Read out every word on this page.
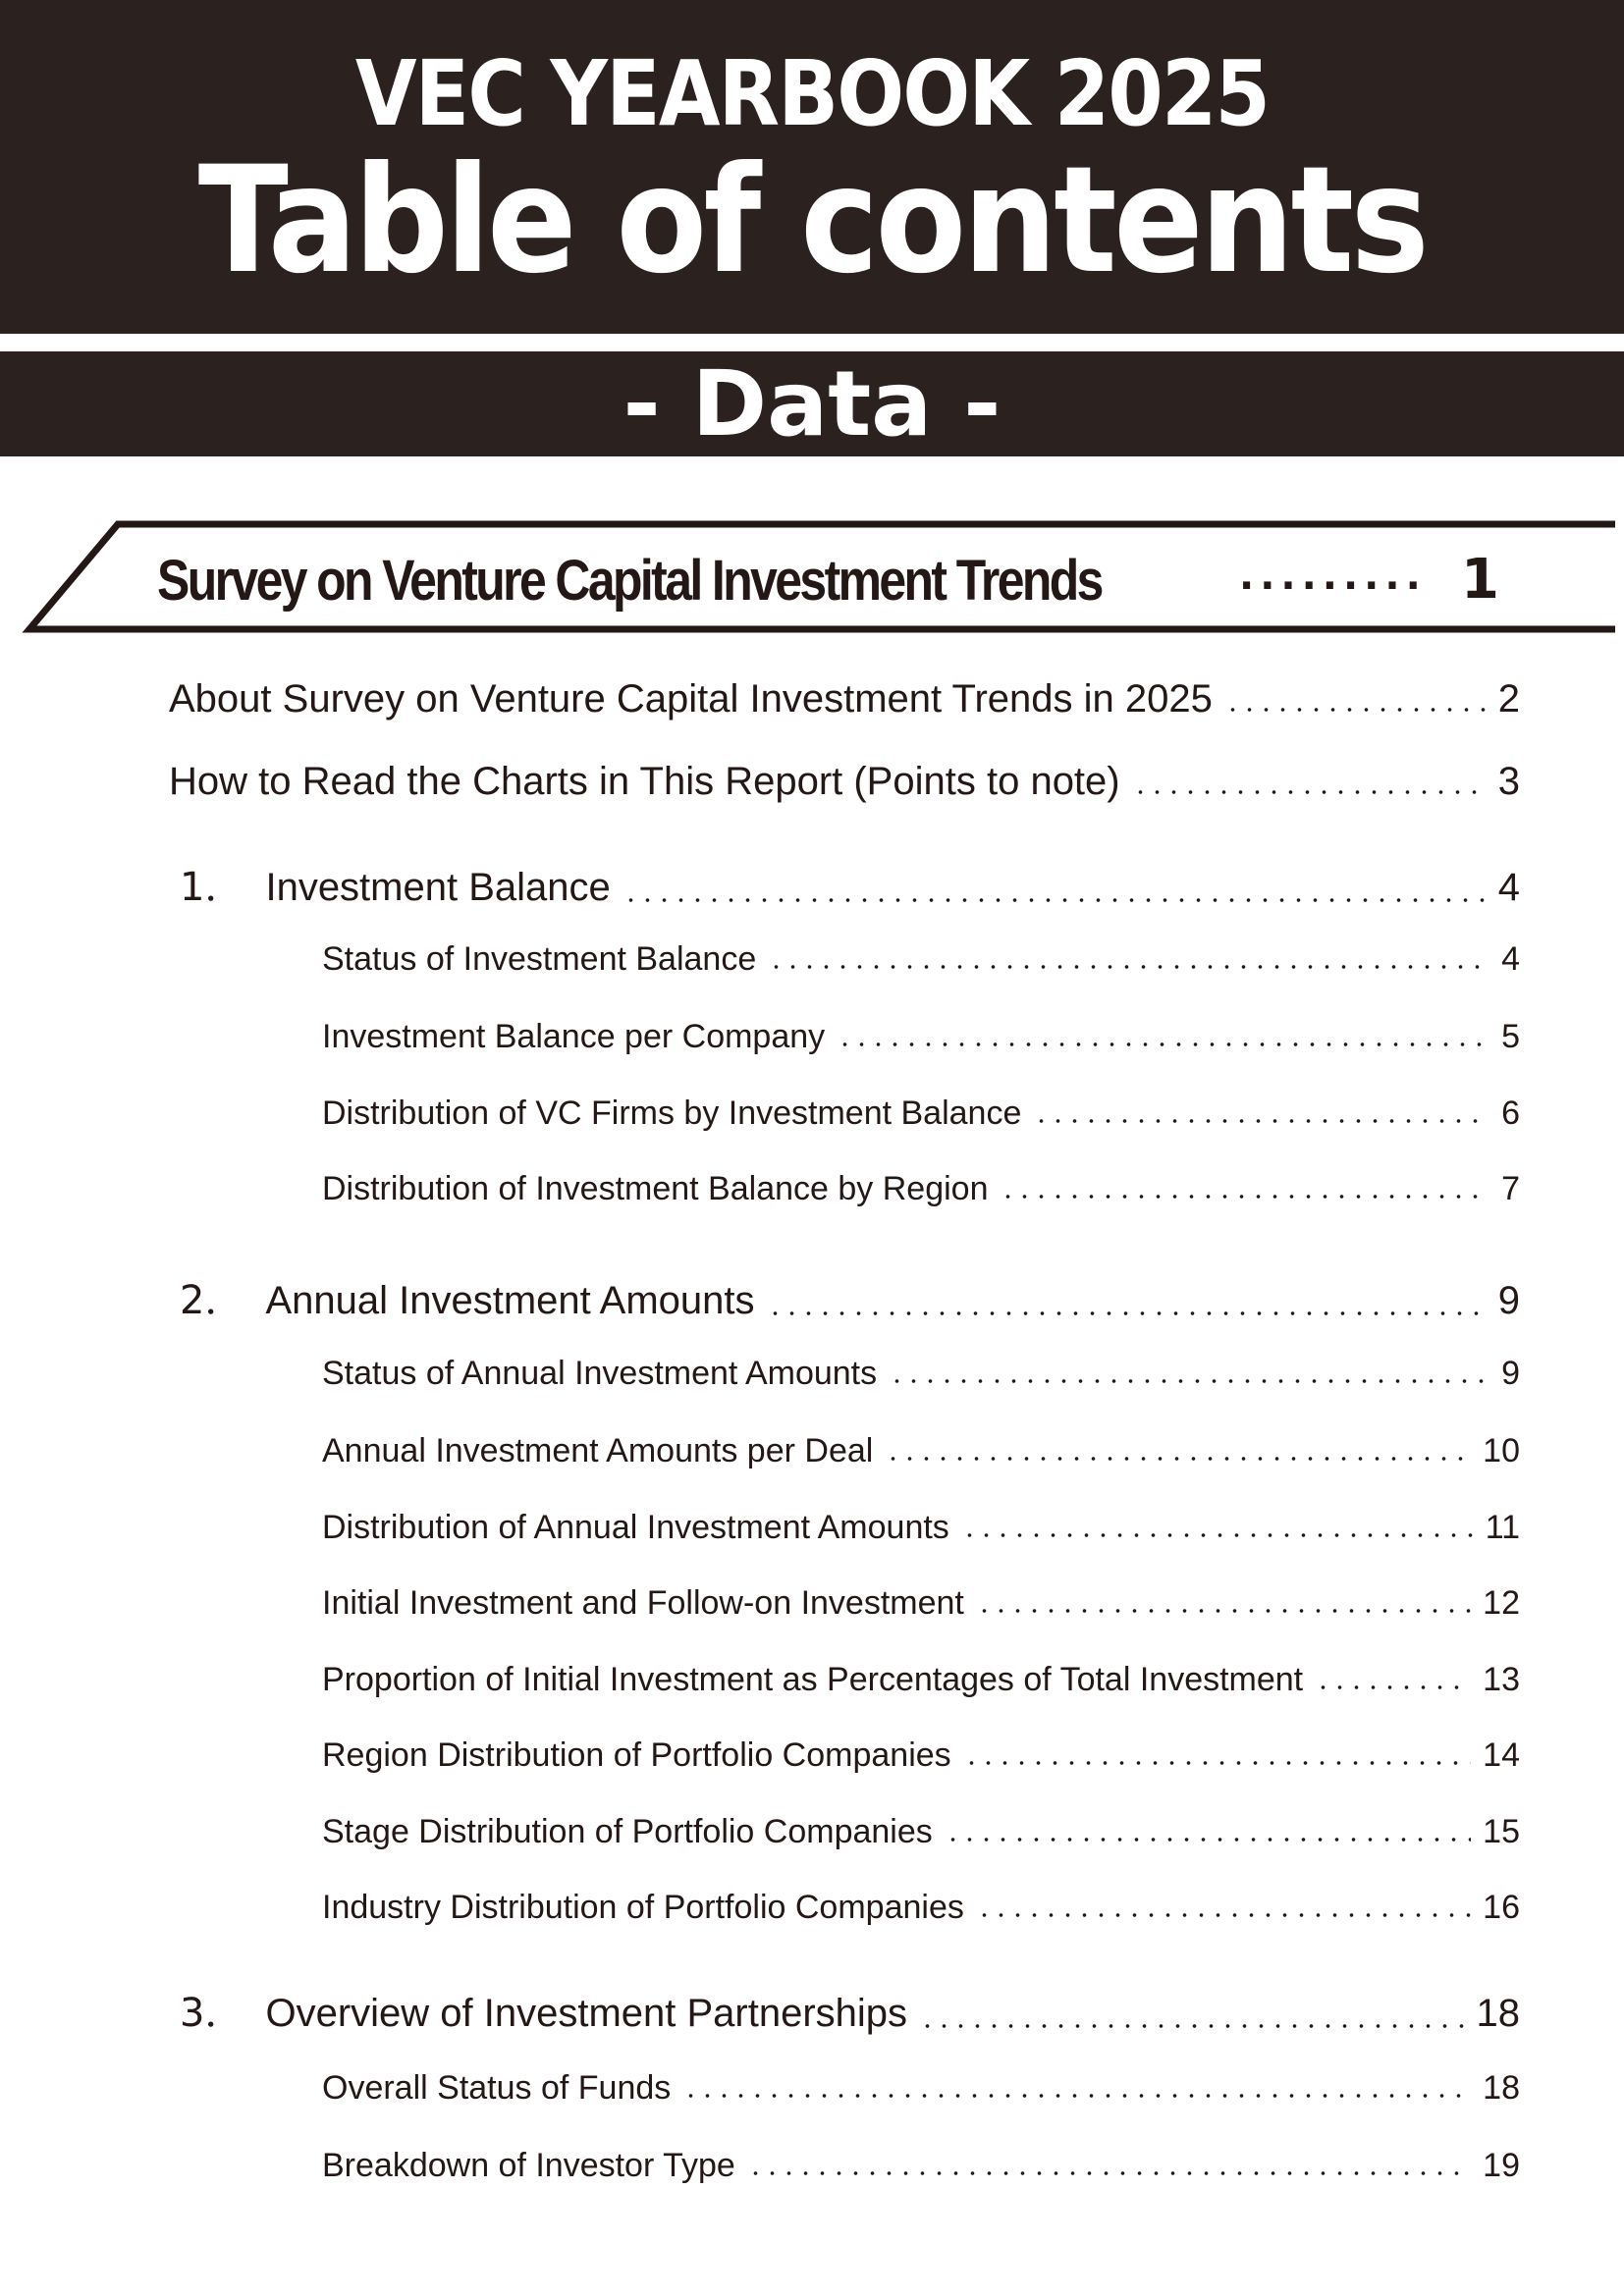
VEC YEARBOOK 2025
Table of contents
- Data -
Survey on Venture Capital Investment Trends	········· 1
About Survey on Venture Capital Investment Trends in 2025	2
How to Read the Charts in This Report (Points to note)	3
1． Investment Balance	4
Status of Investment Balance	4
Investment Balance per Company	5
Distribution of VC Firms by Investment Balance	6
Distribution of Investment Balance by Region	7
2． Annual Investment Amounts	9
Status of Annual Investment Amounts	9
Annual Investment Amounts per Deal	10
Distribution of Annual Investment Amounts	11
Initial Investment and Follow-on Investment	12
Proportion of Initial Investment as Percentages of Total Investment	13
Region Distribution of Portfolio Companies	14
Stage Distribution of Portfolio Companies	15
Industry Distribution of Portfolio Companies	16
3． Overview of Investment Partnerships	18
Overall Status of Funds	18
Breakdown of Investor Type	19
